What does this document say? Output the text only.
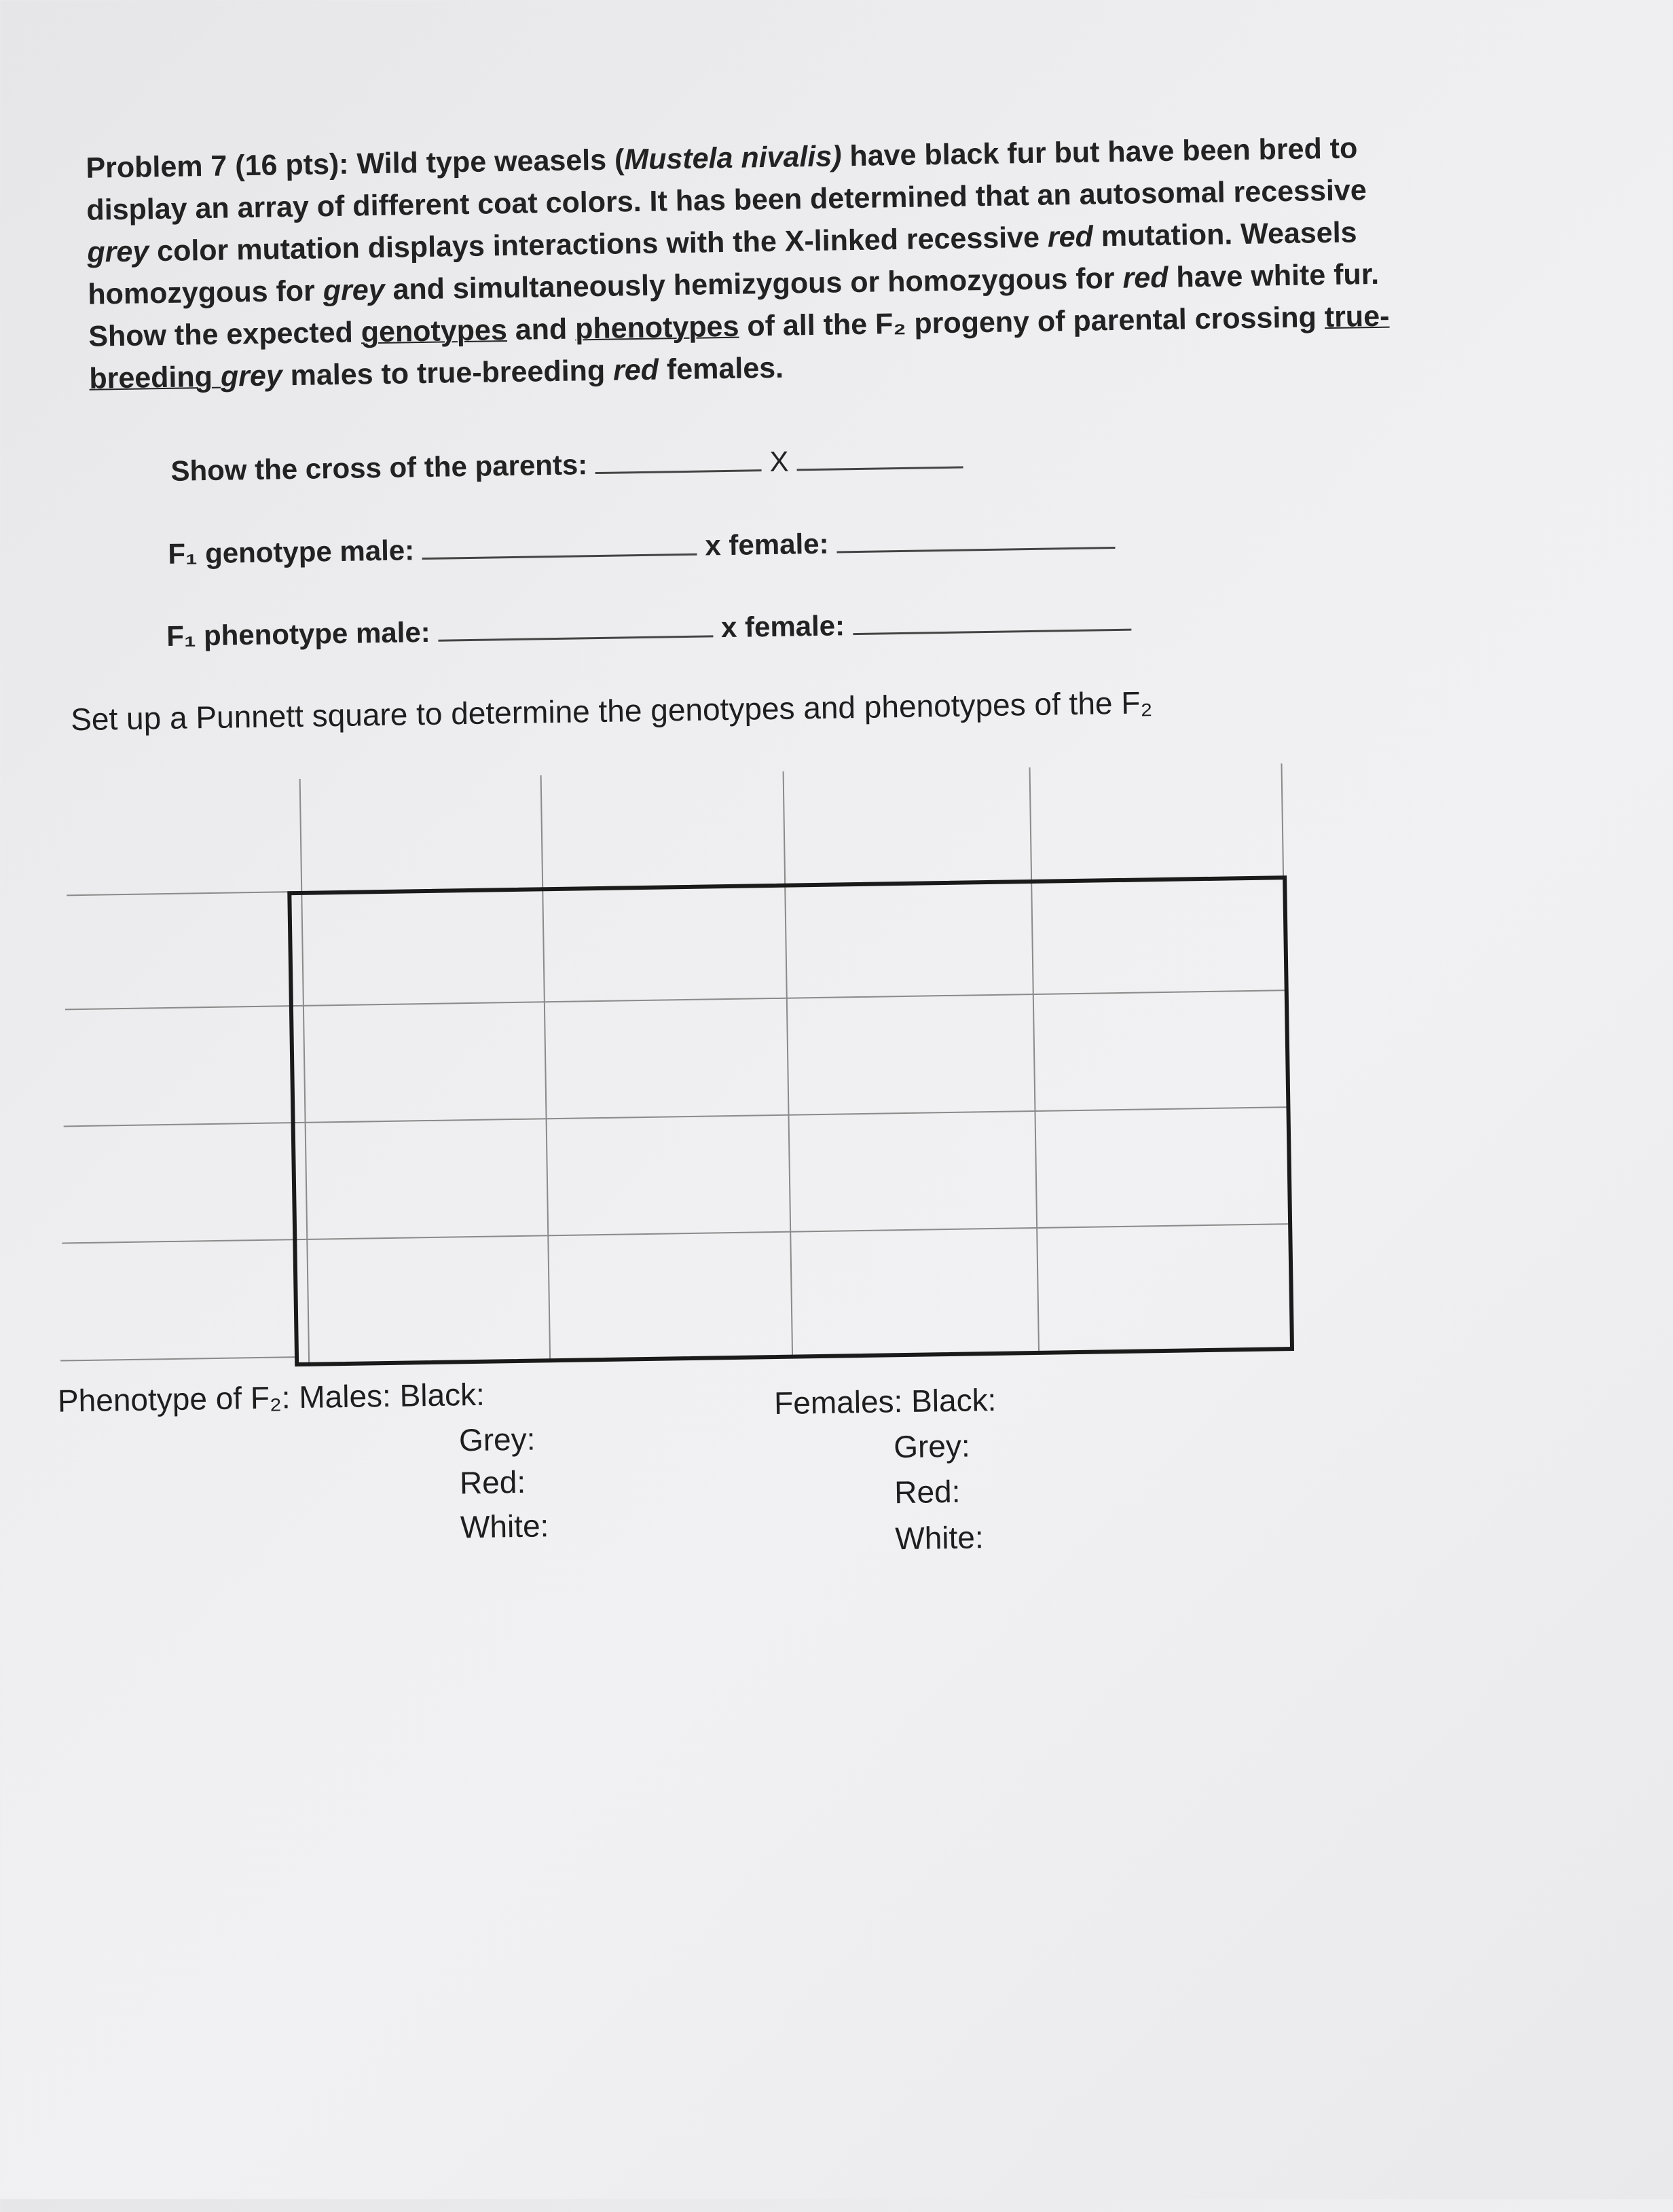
Problem 7 (16 pts): Wild type weasels (Mustela nivalis) have black fur but have been bred to display an array of different coat colors. It has been determined that an autosomal recessive grey color mutation displays interactions with the X-linked recessive red mutation. Weasels homozygous for grey and simultaneously hemizygous or homozygous for red have white fur. Show the expected genotypes and phenotypes of all the F₂ progeny of parental crossing true-breeding grey males to true-breeding red females.

Show the cross of the parents:	X
F₁ genotype male:	x female:
F₁ phenotype male:	x female:
Set up a Punnett square to determine the genotypes and phenotypes of the F₂
Phenotype of F₂: Males: Black:
Grey:
Red:
White:
Females: Black:
Grey:
Red:
White:
